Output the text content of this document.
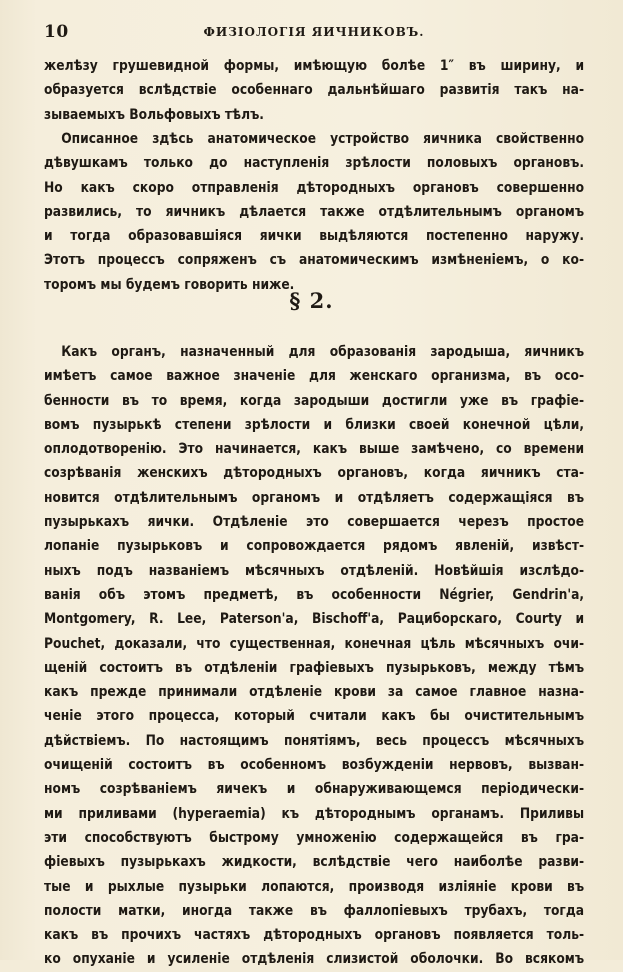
10	ФИЗІОЛОГІЯ ЯИЧНИКОВЪ.
желѣзу грушевидной формы, имѣющую болѣе 1″ въ ширину, и
образуется вслѣдствіе особеннаго дальнѣйшаго развитія такъ на-
зываемыхъ Вольфовыхъ тѣлъ.
Описанное здѣсь анатомическое устройство яичника свойственно
дѣвушкамъ только до наступленія зрѣлости половыхъ органовъ.
Но какъ скоро отправленія дѣторoдныхъ органовъ совершенно
развились, то яичникъ дѣлается также отдѣлительнымъ органомъ
и тогда образовавшіяся яички выдѣляются постепенно наружу.
Этотъ процессъ сопряженъ съ анатомическимъ измѣненіемъ, о ко-
торомъ мы будемъ говорить ниже.
§ 2.
Какъ органъ, назначенный для образованія зародыша, яичникъ
имѣетъ самое важное значеніе для женскаго организма, въ осо-
бенности въ то время, когда зародыши достигли уже въ графіе-
вомъ пузырькѣ степени зрѣлости и близки своей конечной цѣли,
оплодотворенію. Это начинается, какъ выше замѣчено, со времени
созрѣванія женскихъ дѣтородныхъ органовъ, когда яичникъ ста-
новится отдѣлительнымъ органомъ и отдѣляетъ содержащіяся въ
пузырькахъ яички. Отдѣленіе это совершается черезъ простое
лопаніе пузырьковъ и сопровождается рядомъ явленій, извѣст-
ныхъ подъ названіемъ мѣсячныхъ отдѣленій. Новѣйшія изслѣдо-
ванія объ этомъ предметѣ, въ особенности Négrier, Gendrin'а,
Montgomery, R. Lee, Paterson'а, Bischoff'а, Рациборскаго, Courty и
Pouchet, доказали, что существенная, конечная цѣль мѣсячныхъ очи-
щеній состоитъ въ отдѣленіи графіевыхъ пузырьковъ, между тѣмъ
какъ прежде принимали отдѣленіе крови за самое главное назна-
ченіе этого процесса, который считали какъ бы очистительнымъ
дѣйствіемъ. По настоящимъ понятіямъ, весь процессъ мѣсячныхъ
очищеній состоитъ въ особенномъ возбужденіи нервовъ, вызван-
номъ созрѣваніемъ яичекъ и обнаруживающемся періодически-
ми приливами (hyperaemia) къ дѣтороднымъ органамъ. Приливы
эти способствуютъ быстрому умноженію содержащейся въ гра-
фіевыхъ пузырькахъ жидкости, вслѣдствіе чего наиболѣе разви-
тые и рыхлые пузырьки лопаются, производя изліяніе крови въ
полости матки, иногда также въ фаллопіевыхъ трубахъ, тогда
какъ въ прочихъ частяхъ дѣтородныхъ органовъ появляется толь-
ко опуханіе и усиленіе отдѣленія слизистой оболочки. Во всякомъ
